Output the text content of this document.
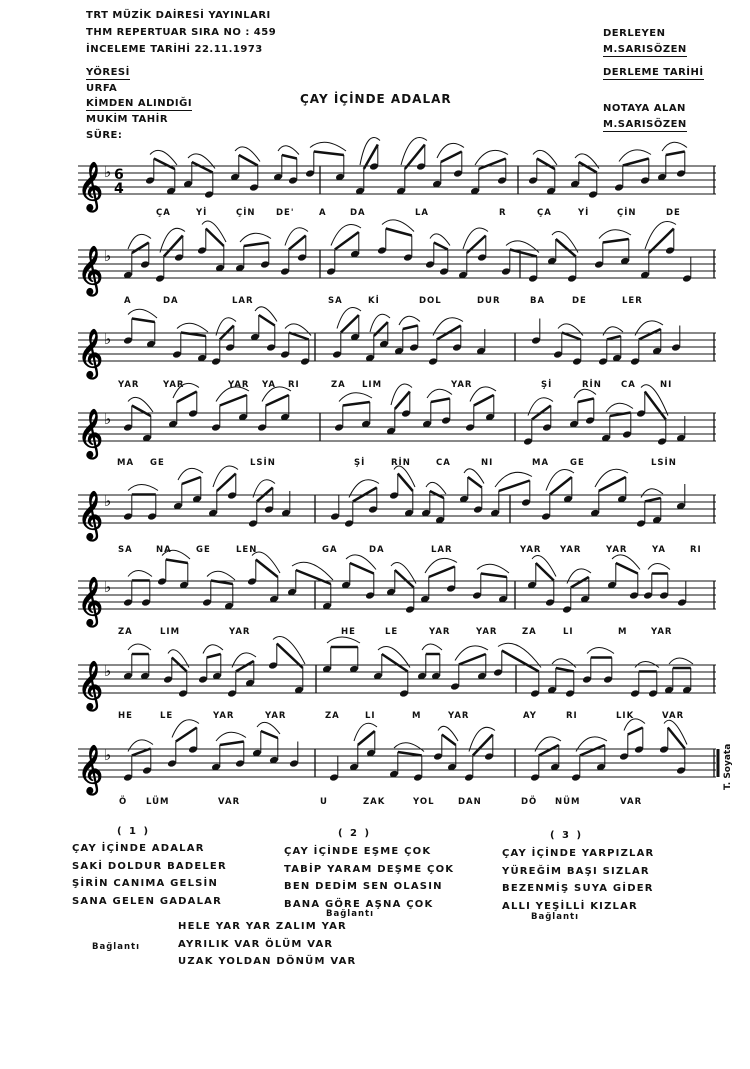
TRT MÜZİK DAİRESİ YAYINLARI
THM REPERTUAR SIRA NO : 459
İNCELEME TARİHİ 22.11.1973
YÖRESİ
URFA
KİMDEN ALINDIĞI
MUKİM TAHİR
SÜRE:
ÇAY İÇİNDE ADALAR
DERLEYEN
M.SARISÖZEN
DERLEME TARİHİ
NOTAYA ALAN
M.SARISÖZEN
𝄞 ♭ 6
4
𝄞 ♭
𝄞 ♭
𝄞 ♭
𝄞 ♭
𝄞 ♭
𝄞 ♭
𝄞 ♭
ÇA	Yİ	ÇİN DE'	A	DA	LA	R	ÇA	Yİ	ÇİN	DE
A	DA	LAR	SA	Kİ	DOL	DUR	BA	DE	LER
YAR	YAR	YAR YA RI	ZA LIM	YAR	Şİ	RİN CA	NI
MA GE	LSİN	Şİ	RİN	CA	NI	MA GE	LSİN
SA	NA	GE	LEN	GA	DA	LAR	YAR YAR	YAR	YA	RI
ZA	LIM	YAR	HE	LE	YAR	YAR	ZA	LI	M	YAR
HE	LE	YAR	YAR	ZA	LI	M	YAR	AY	RI	LIK	VAR
Ö LÜM	VAR	U	ZAK	YOL	DAN	DÖ NÜM	VAR
T. Soyata
( 1 )
ÇAY İÇİNDE ADALAR
SAKİ DOLDUR BADELER
ŞİRİN CANIMA GELSİN
SANA GELEN GADALAR
( 2 )
ÇAY İÇİNDE EŞME ÇOK
TABİP YARAM DEŞME ÇOK
BEN DEDİM SEN OLASIN
BANA GÖRE AŞNA ÇOK
Bağlantı
( 3 )
ÇAY İÇİNDE YARPIZLAR
YÜREĞİM BAŞI SIZLAR
BEZENMİŞ SUYA GİDER
ALLI YEŞİLLİ KIZLAR
Bağlantı
Bağlantı
HELE YAR YAR ZALIM YAR
AYRILIK VAR ÖLÜM VAR
UZAK YOLDAN DÖNÜM VAR
